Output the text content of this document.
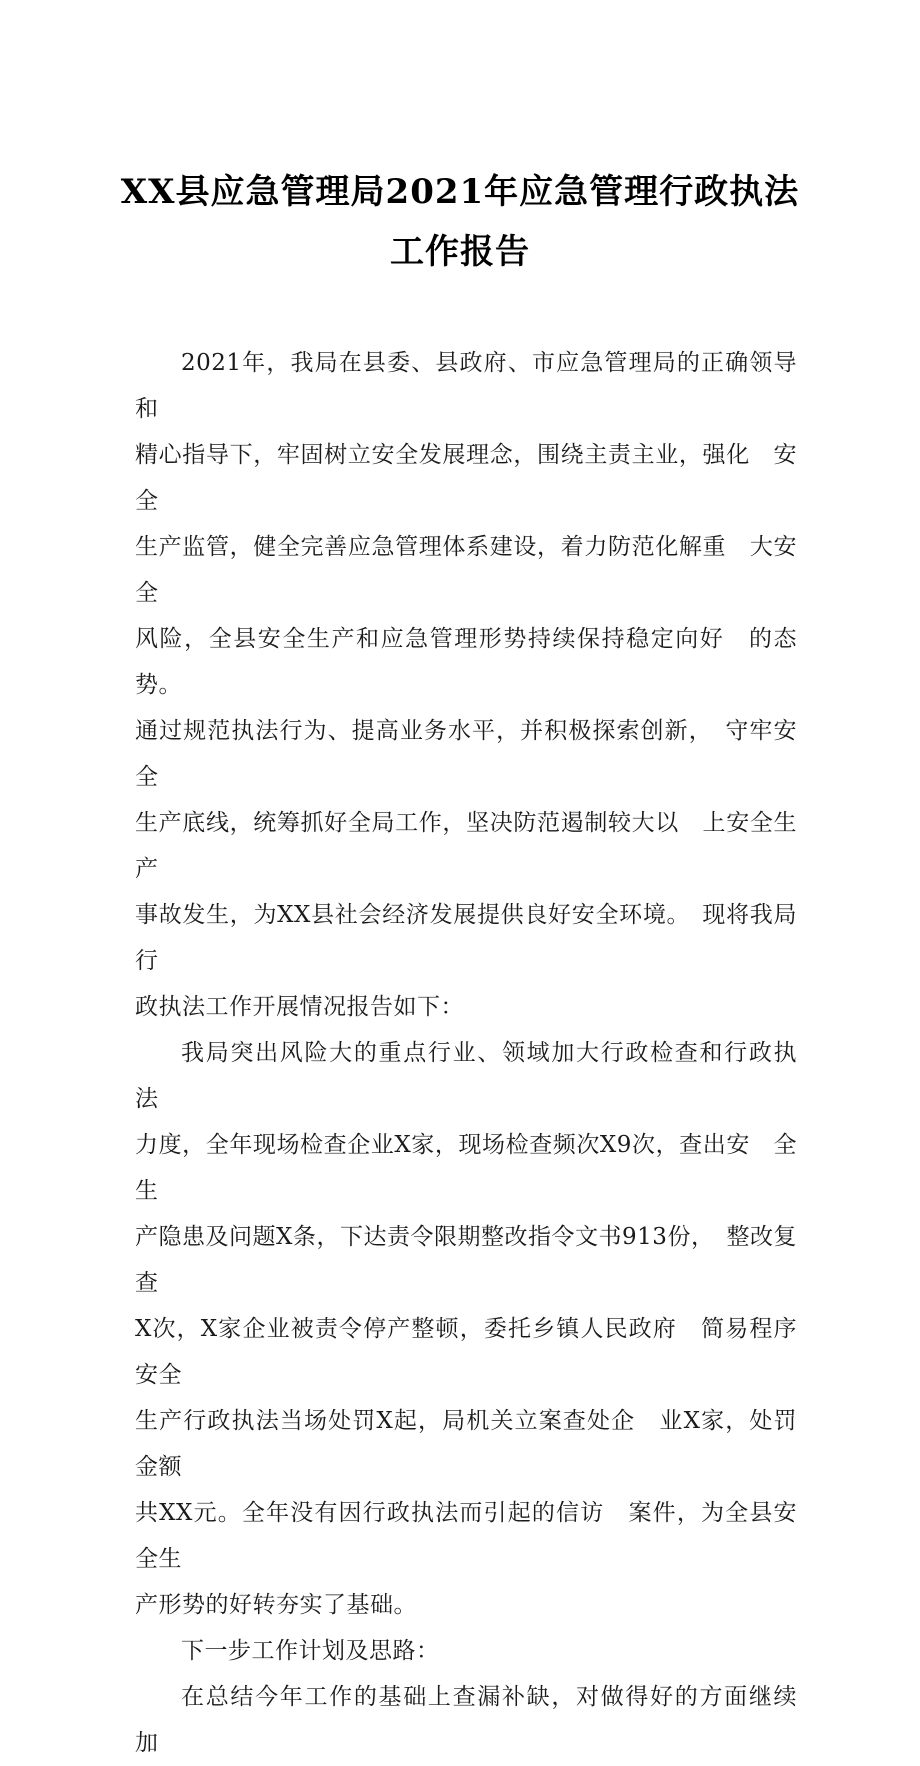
XX县应急管理局2021年应急管理行政执法
工作报告

2021年，我局在县委、县政府、市应急管理局的正确领导　和
精心指导下，牢固树立安全发展理念，围绕主责主业，强化　安全
生产监管，健全完善应急管理体系建设，着力防范化解重　大安全
风险，全县安全生产和应急管理形势持续保持稳定向好　的态势。
通过规范执法行为、提高业务水平，并积极探索创新，　守牢安全
生产底线，统筹抓好全局工作，坚决防范遏制较大以　上安全生产
事故发生，为XX县社会经济发展提供良好安全环境。　现将我局行
政执法工作开展情况报告如下：

我局突出风险大的重点行业、领域加大行政检查和行政执　法
力度，全年现场检查企业X家，现场检查频次X9次，查出安　全生
产隐患及问题X条，下达责令限期整改指令文书913份，　整改复查
X次，X家企业被责令停产整顿，委托乡镇人民政府　简易程序安全
生产行政执法当场处罚X起，局机关立案查处企　业X家，处罚金额
共XX元。全年没有因行政执法而引起的信访　案件，为全县安全生
产形势的好转夯实了基础。

下一步工作计划及思路：

在总结今年工作的基础上查漏补缺，对做得好的方面继续　加
